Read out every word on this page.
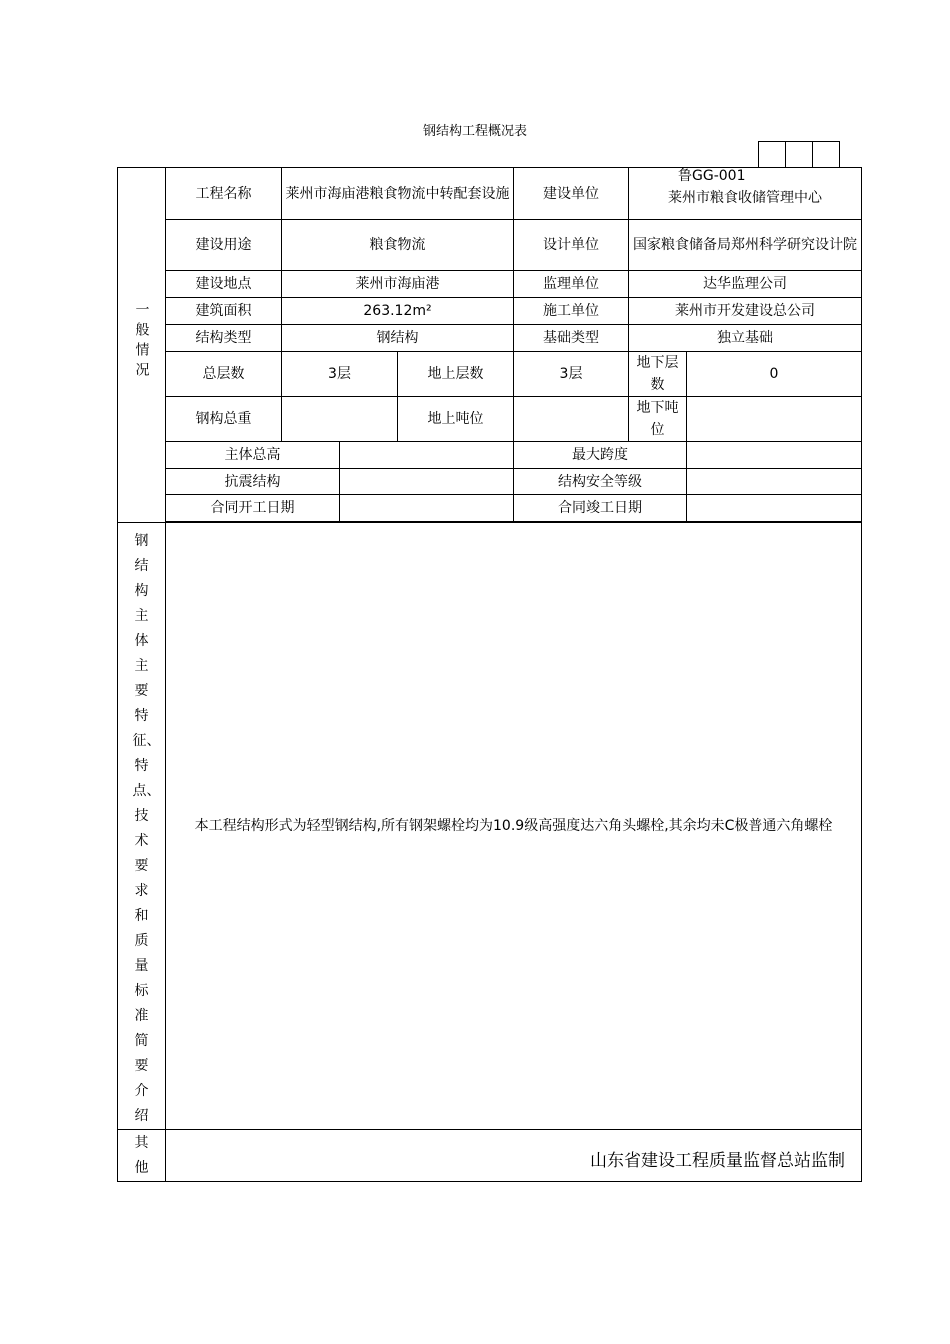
钢结构工程概况表

鲁GG-001
一般情况	工程名称	莱州市海庙港粮食物流中转配套设施			建设单位	莱州市粮食收储管理中心	
	建设用途	粮食物流			设计单位	国家粮食储备局郑州科学研究设计院	
	建设地点	莱州市海庙港			监理单位	达华监理公司	
	建筑面积	263.12m²			施工单位	莱州市开发建设总公司	
	结构类型	钢结构			基础类型	独立基础	
	总层数	3层		地上层数	3层	地下层数	0
	钢构总重			地上吨位		地下吨位	
	主体总高				最大跨度		
	抗震结构				结构安全等级		
	合同开工日期				合同竣工日期		

钢结构主体主要特征、特点、技术要求和质量标准简要介绍	本工程结构形式为轻型钢结构,所有钢架螺栓均为10.9级高强度达六角头螺栓,其余均未C极普通六角螺栓						
其他								山东省建设工程质量监督总站监制
